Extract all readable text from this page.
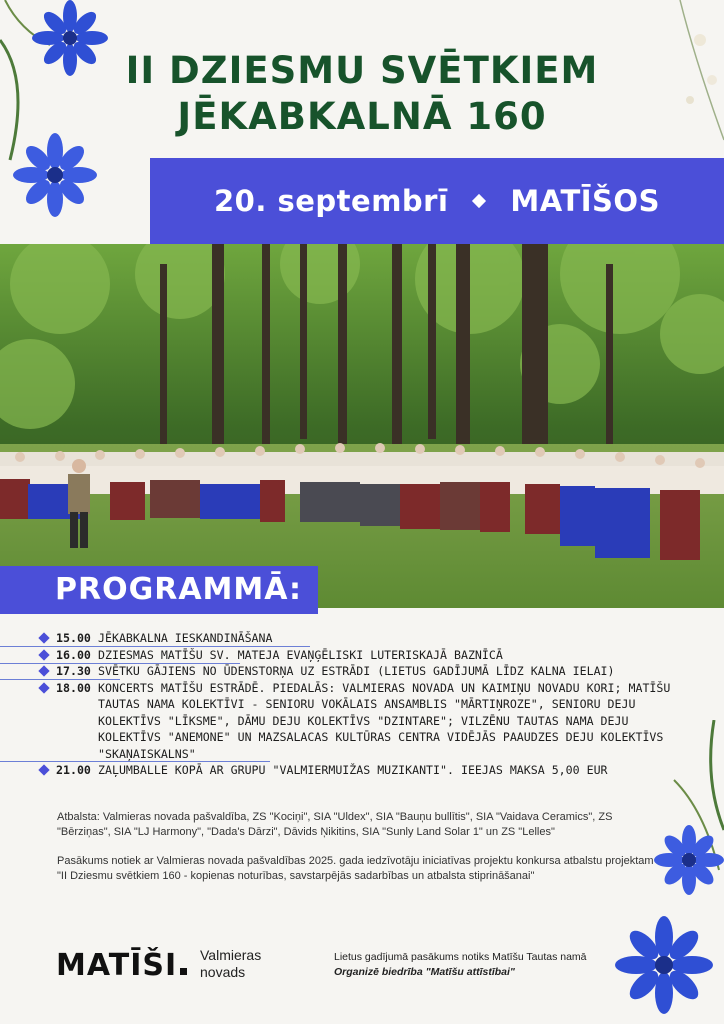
II DZIESMU SVĒTKIEM
JĒKABKALNĀ 160
20. septembrī MATĪŠOS
PROGRAMMĀ:
15.00 JĒKABKALNA IESKANDINĀŠANA
16.00 DZIESMAS MATĪŠU SV. MATEJA EVAŅĢĒLISKI LUTERISKAJĀ BAZNĪCĀ
17.30 SVĒTKU GĀJIENS NO ŪDENSTORŅA UZ ESTRĀDI (LIETUS GADĪJUMĀ LĪDZ KALNA IELAI)
18.00 KONCERTS MATĪŠU ESTRĀDĒ. PIEDALĀS: VALMIERAS NOVADA UN KAIMIŅU NOVADU KORI; MATĪŠU TAUTAS NAMA KOLEKTĪVI - SENIORU VOKĀLAIS ANSAMBLIS "MĀRTIŅROZE", SENIORU DEJU KOLEKTĪVS "LĪKSME", DĀMU DEJU KOLEKTĪVS "DZINTARE"; VILZĒNU TAUTAS NAMA DEJU KOLEKTĪVS "ANEMONE" UN MAZSALACAS KULTŪRAS CENTRA VIDĒJĀS PAAUDZES DEJU KOLEKTĪVS "SKAŅAISKALNS"
21.00 ZAĻUMBALLE KOPĀ AR GRUPU "VALMIERMUIŽAS MUZIKANTI". IEEJAS MAKSA 5,00 EUR

Atbalsta: Valmieras novada pašvaldība, ZS "Kociņi", SIA "Uldex", SIA "Bauņu bullītis", SIA "Vaidava Ceramics", ZS "Bērziņas", SIA "LJ Harmony", "Dada's Dārzi", Dāvids Ņikitins, SIA "Sunly Land Solar 1" un ZS "Lelles"

Pasākums notiek ar Valmieras novada pašvaldības 2025. gada iedzīvotāju iniciatīvas projektu konkursa atbalstu projektam "II Dziesmu svētkiem 160 - kopienas noturības, savstarpējās sadarbības un atbalsta stiprināšanai"

MATĪŠI	Valmieras
novads
Lietus gadījumā pasākums notiks Matīšu Tautas namā
Organizē biedrība "Matīšu attīstībai"
